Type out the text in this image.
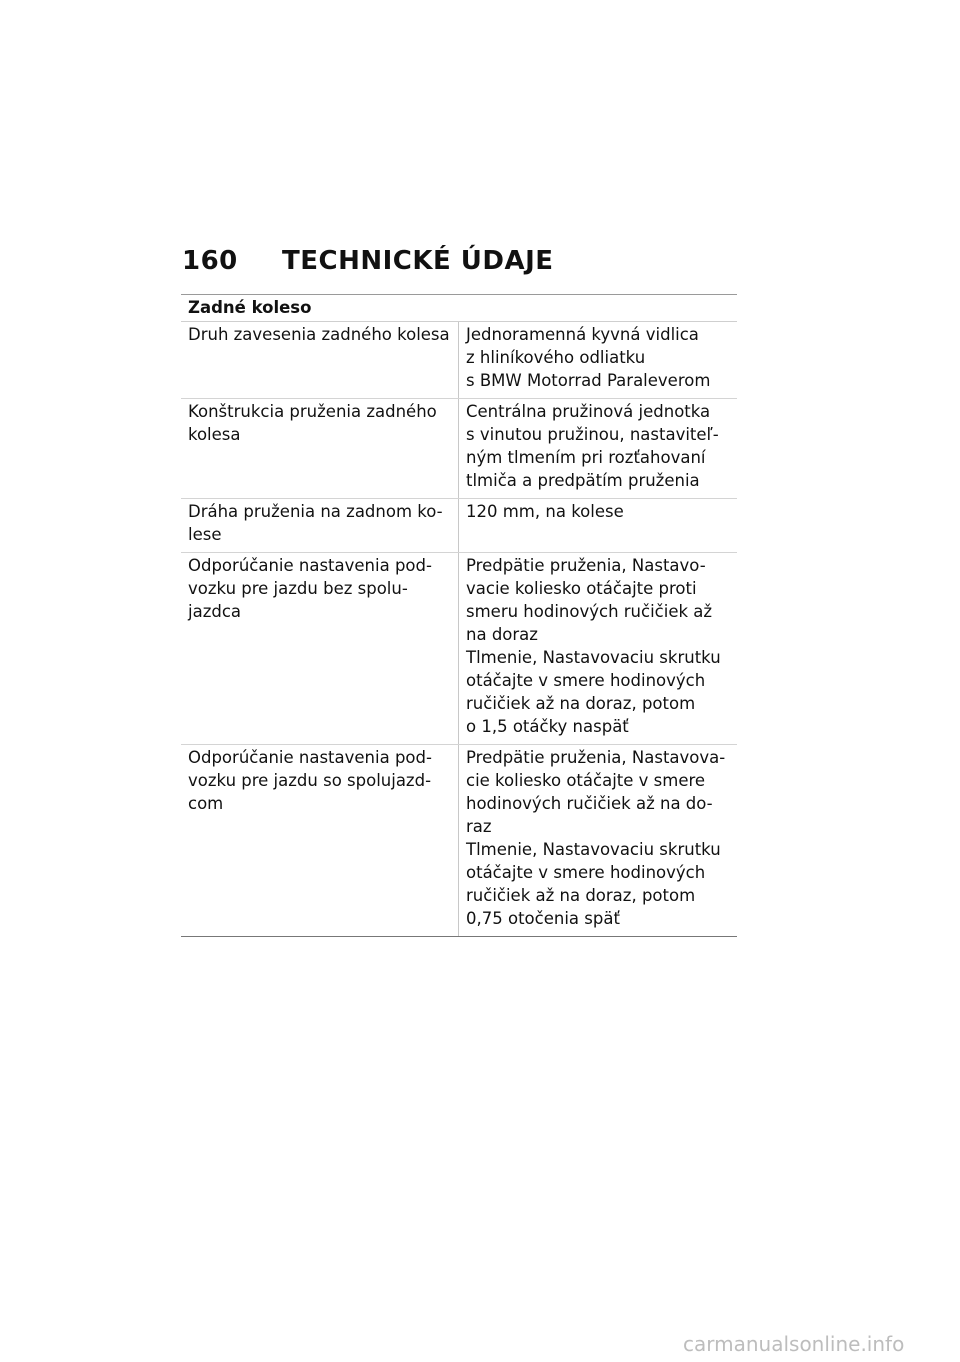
160	TECHNICKÉ ÚDAJE
Zadné koleso
Druh zavesenia zadného kolesa Jednoramenná kyvná vidlica
z hliníkového odliatku
s BMW Motorrad Paraleverom
Konštrukcia pruženia zadného
kolesa
Centrálna pružinová jednotka
s vinutou pružinou, nastaviteľ-
ným tlmením pri rozťahovaní
tlmiča a predpätím pruženia
Dráha pruženia na zadnom ko-
lese
120 mm, na kolese
Odporúčanie nastavenia pod-
vozku pre jazdu bez spolu-
jazdca
Predpätie pruženia, Nastavo-
vacie koliesko otáčajte proti
smeru hodinových ručičiek až
na doraz
Tlmenie, Nastavovaciu skrutku
otáčajte v smere hodinových
ručičiek až na doraz, potom
o 1,5 otáčky naspäť
Odporúčanie nastavenia pod-
vozku pre jazdu so spolujazd-
com
Predpätie pruženia, Nastavova-
cie koliesko otáčajte v smere
hodinových ručičiek až na do-
raz
Tlmenie, Nastavovaciu skrutku
otáčajte v smere hodinových
ručičiek až na doraz, potom
0,75 otočenia späť
carmanualsonline.info
